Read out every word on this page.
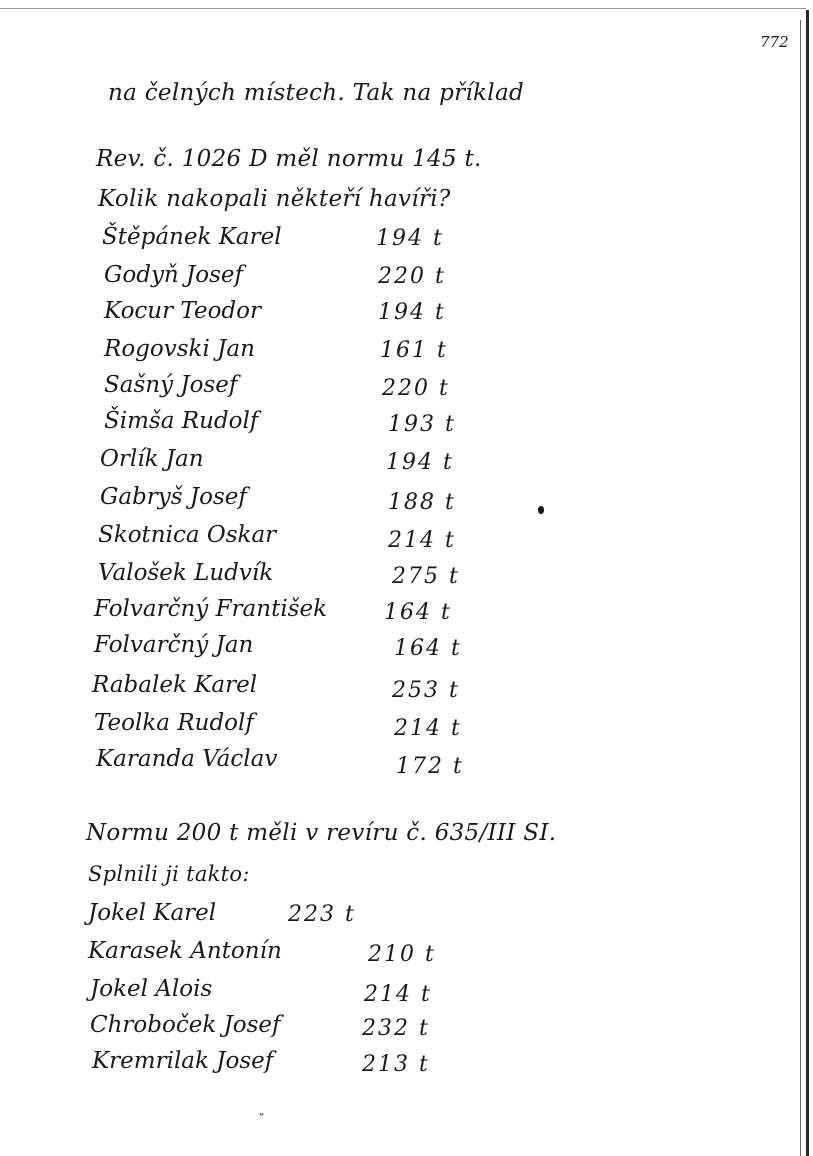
772
na čelných místech. Tak na příklad
Rev. č. 1026 D měl normu 145 t.
Kolik nakopali někteří havíři?
Štěpánek Karel	194 t
Godyň Josef	220 t
Kocur Teodor	194 t
Rogovski Jan	161 t
Sašný Josef	220 t
Šimša Rudolf	193 t
Orlík Jan	194 t
Gabryš Josef	188 t
Skotnica Oskar	214 t
Valošek Ludvík	275 t
Folvarčný František	164 t
Folvarčný Jan	164 t
Rabalek Karel	253 t
Teolka Rudolf	214 t
Karanda Václav	172 t
Normu 200 t měli v revíru č. 635/III SI.
Splnili ji takto:
Jokel Karel	223 t
Karasek Antonín	210 t
Jokel Alois	214 t
Chroboček Josef	232 t
Kremrilak Josef	213 t
ˇ
